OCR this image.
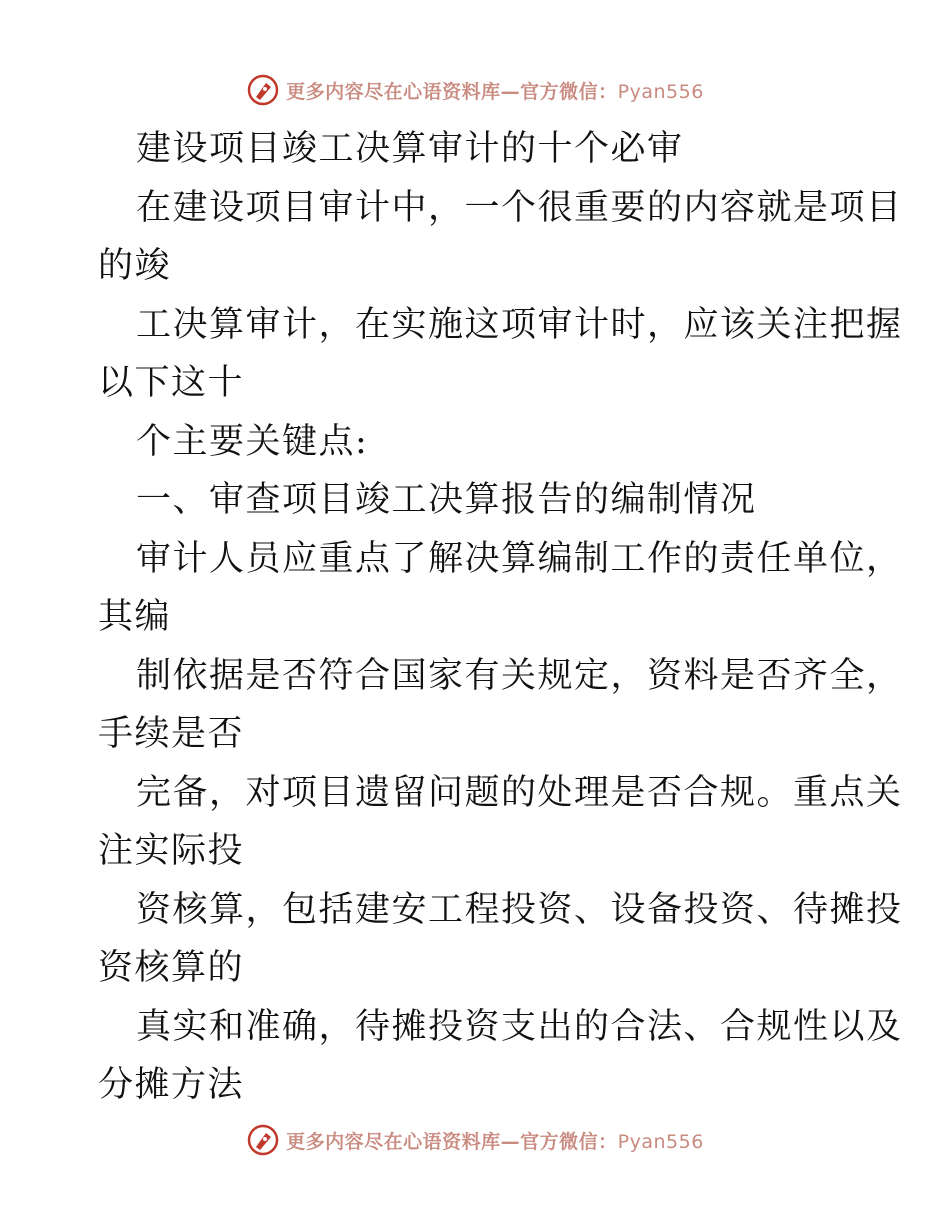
更多内容尽在心语资料库—官方微信：Pyan556
建设项目竣工决算审计的十个必审
在建设项目审计中，一个很重要的内容就是项目
的竣
工决算审计，在实施这项审计时，应该关注把握
以下这十
个主要关键点:
一、审查项目竣工决算报告的编制情况
审计人员应重点了解决算编制工作的责任单位，
其编
制依据是否符合国家有关规定，资料是否齐全，
手续是否
完备，对项目遗留问题的处理是否合规。重点关
注实际投
资核算，包括建安工程投资、设备投资、待摊投
资核算的
真实和准确，待摊投资支出的合法、合规性以及
分摊方法
更多内容尽在心语资料库—官方微信：Pyan556
